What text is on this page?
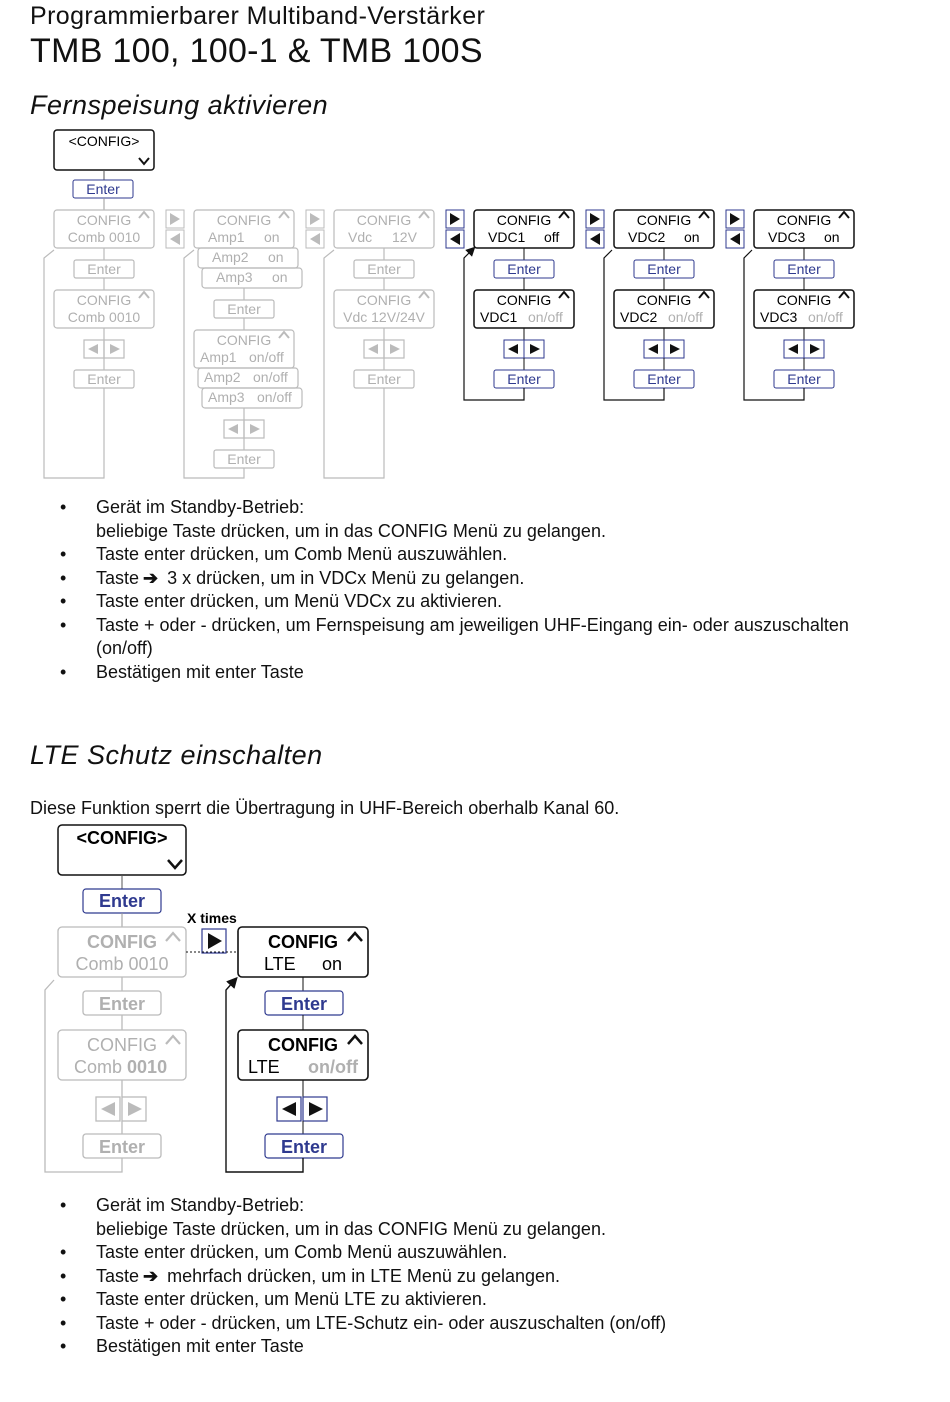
Programmierbarer Multiband-Verstärker
TMB 100, 100-1 & TMB 100S
Fernspeisung aktivieren
<CONFIG>
Enter
CONFIG
Comb 0010
Enter
CONFIG
Comb 0010
Enter
CONFIG
Amp1 on
Amp2 on
Amp3 on
Enter
CONFIG
Amp1 on/off
Amp2 on/off
Amp3 on/off
Enter
CONFIG
Vdc 12V
Enter
CONFIG
Vdc 12V/24V
Enter
CONFIG
VDC1 off
Enter
CONFIG
VDC1 on/off
Enter
CONFIG
VDC2 on
Enter
CONFIG
VDC2 on/off
Enter
CONFIG
VDC3 on
Enter
CONFIG
VDC3 on/off
Enter
• Gerät im Standby-Betrieb:
beliebige Taste drücken, um in das CONFIG Menü zu gelangen.
• Taste enter drücken, um Comb Menü auszuwählen.
• Taste ➔ 3 x drücken, um in VDCx Menü zu gelangen.
• Taste enter drücken, um Menü VDCx zu aktivieren.
• Taste + oder - drücken, um Fernspeisung am jeweiligen UHF-Eingang ein- oder auszuschalten
(on/off)
• Bestätigen mit enter Taste
LTE Schutz einschalten
Diese Funktion sperrt die Übertragung in UHF-Bereich oberhalb Kanal 60.
<CONFIG>
Enter
CONFIG
Comb 0010
Enter
CONFIG
Comb 0010
Enter
X times
CONFIG
LTE on
Enter
CONFIG
LTE on/off
Enter
• Gerät im Standby-Betrieb:
beliebige Taste drücken, um in das CONFIG Menü zu gelangen.
• Taste enter drücken, um Comb Menü auszuwählen.
• Taste ➔ mehrfach drücken, um in LTE Menü zu gelangen.
• Taste enter drücken, um Menü LTE zu aktivieren.
• Taste + oder - drücken, um LTE-Schutz ein- oder auszuschalten (on/off)
• Bestätigen mit enter Taste
